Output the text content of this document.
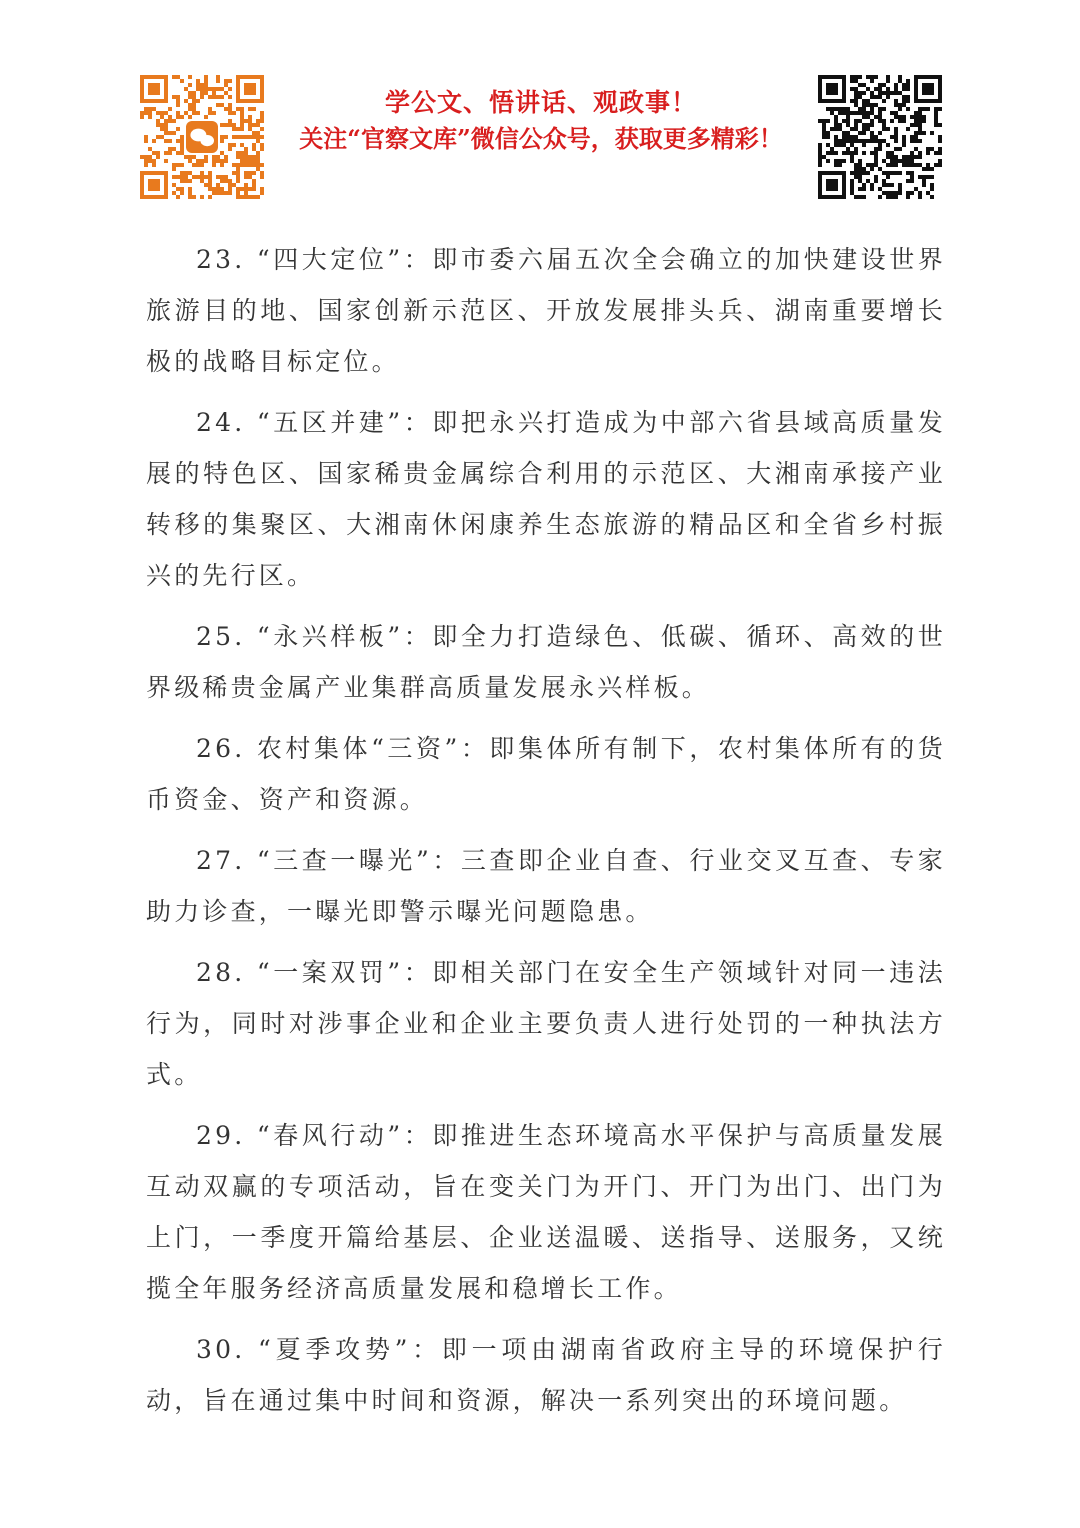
学公文、悟讲话、观政事！
关注“官察文库”微信公众号，获取更多精彩！

23. “四大定位”：即市委六届五次全会确立的加快建设世界旅游目的地、国家创新示范区、开放发展排头兵、湖南重要增长极的战略目标定位。

24. “五区并建”：即把永兴打造成为中部六省县域高质量发展的特色区、国家稀贵金属综合利用的示范区、大湘南承接产业转移的集聚区、大湘南休闲康养生态旅游的精品区和全省乡村振兴的先行区。

25. “永兴样板”：即全力打造绿色、低碳、循环、高效的世界级稀贵金属产业集群高质量发展永兴样板。

26. 农村集体“三资”：即集体所有制下，农村集体所有的货币资金、资产和资源。

27. “三查一曝光”：三查即企业自查、行业交叉互查、专家助力诊查，一曝光即警示曝光问题隐患。

28. “一案双罚”：即相关部门在安全生产领域针对同一违法行为，同时对涉事企业和企业主要负责人进行处罚的一种执法方式。

29. “春风行动”：即推进生态环境高水平保护与高质量发展互动双赢的专项活动，旨在变关门为开门、开门为出门、出门为上门，一季度开篇给基层、企业送温暖、送指导、送服务，又统揽全年服务经济高质量发展和稳增长工作。

30. “夏季攻势”：即一项由湖南省政府主导的环境保护行动，旨在通过集中时间和资源，解决一系列突出的环境问题。
